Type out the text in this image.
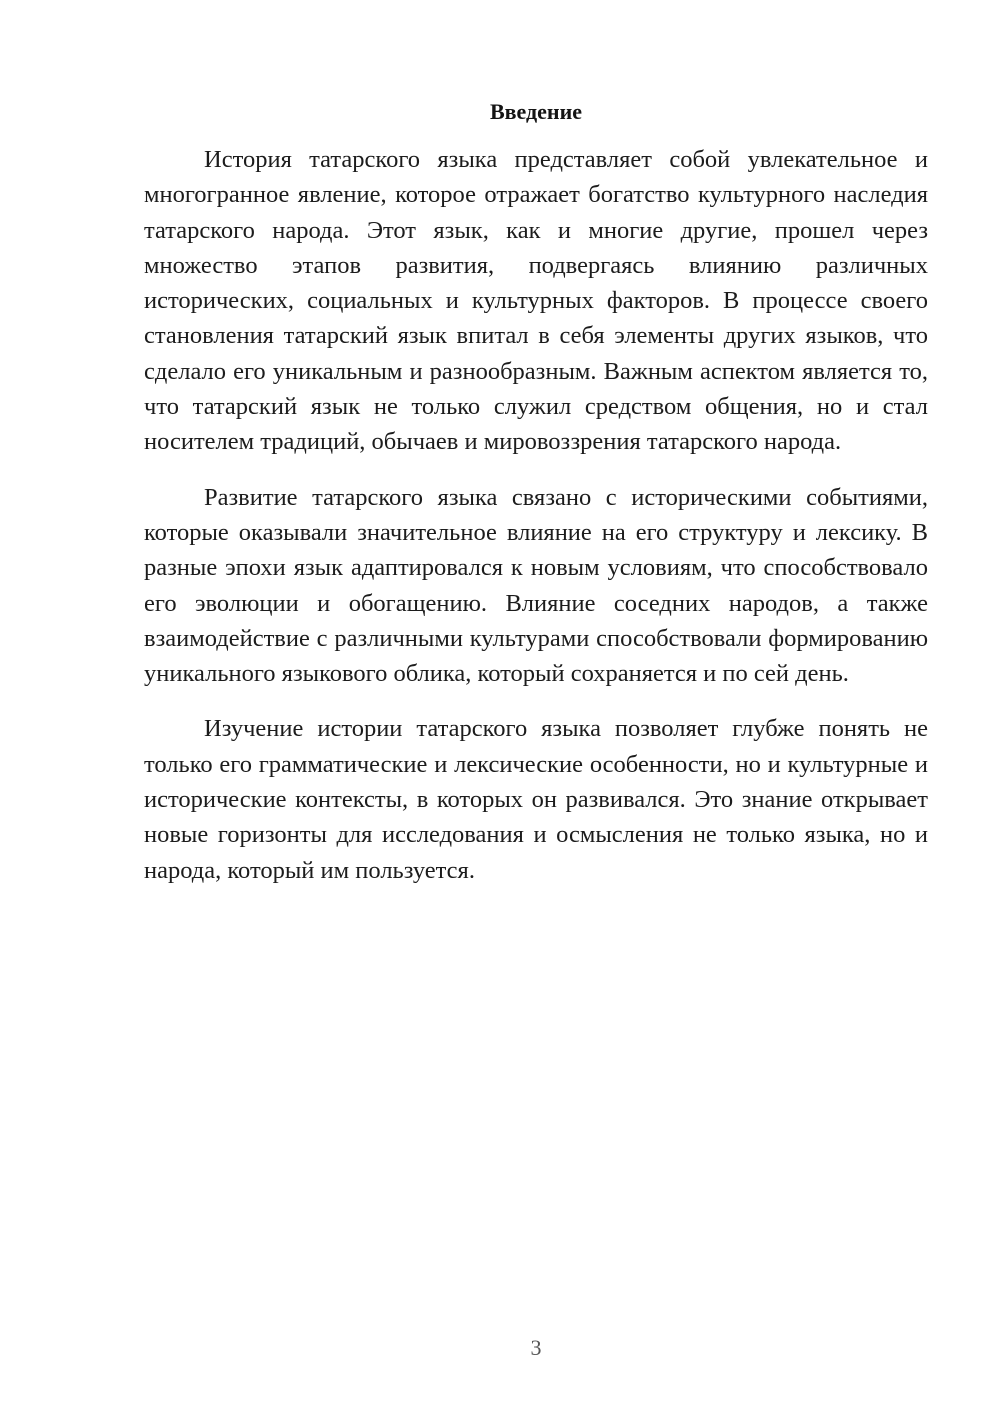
Введение

История татарского языка представляет собой увлекательное и многогранное явление, которое отражает богатство культурного наследия татарского народа. Этот язык, как и многие другие, прошел через множество этапов развития, подвергаясь влиянию различных исторических, социальных и культурных факторов. В процессе своего становления татарский язык впитал в себя элементы других языков, что сделало его уникальным и разнообразным. Важным аспектом является то, что татарский язык не только служил средством общения, но и стал носителем традиций, обычаев и мировоззрения татарского народа.

Развитие татарского языка связано с историческими событиями, которые оказывали значительное влияние на его структуру и лексику. В разные эпохи язык адаптировался к новым условиям, что способствовало его эволюции и обогащению. Влияние соседних народов, а также взаимодействие с различными культурами способствовали формированию уникального языкового облика, который сохраняется и по сей день.

Изучение истории татарского языка позволяет глубже понять не только его грамматические и лексические особенности, но и культурные и исторические контексты, в которых он развивался. Это знание открывает новые горизонты для исследования и осмысления не только языка, но и народа, который им пользуется.

3
